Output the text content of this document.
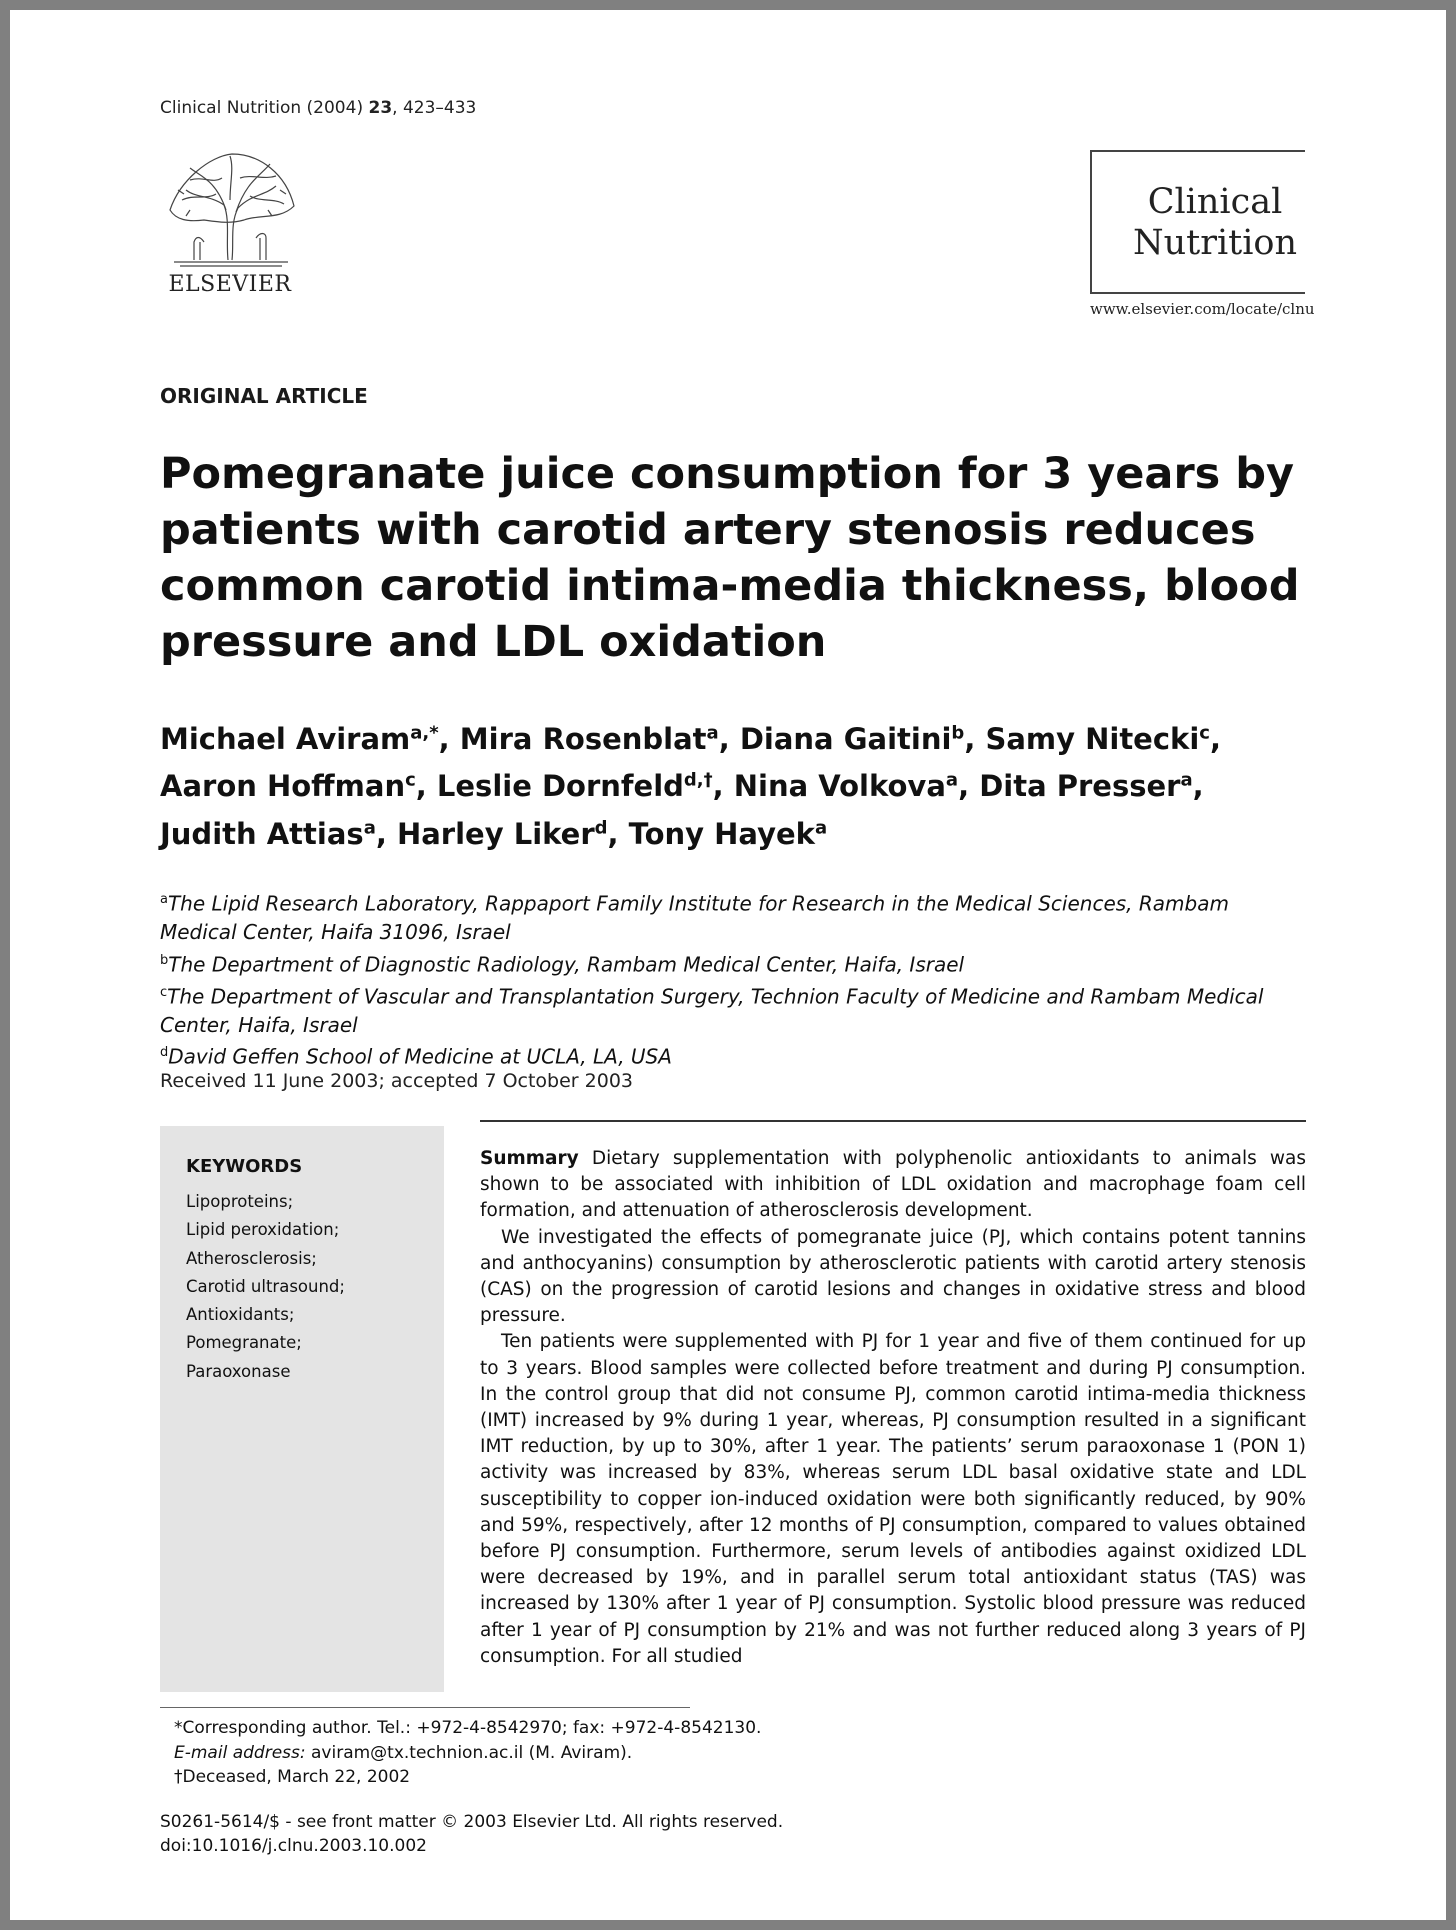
Clinical Nutrition (2004) 23, 423–433
ELSEVIER
Clinical
Nutrition
www.elsevier.com/locate/clnu
ORIGINAL ARTICLE
Pomegranate juice consumption for 3 years by patients with carotid artery stenosis reduces common carotid intima-media thickness, blood pressure and LDL oxidation
Michael Aviram$^{a,*}$, Mira Rosenblat$^a$, Diana Gaitini$^b$, Samy Nitecki$^c$,
Aaron Hoffman$^c$, Leslie Dornfeld$^{d,\dagger}$, Nina Volkova$^a$, Dita Presser$^a$,
Judith Attias$^a$, Harley Liker$^d$, Tony Hayek$^a$

$^a$The Lipid Research Laboratory, Rappaport Family Institute for Research in the Medical Sciences, Rambam Medical Center, Haifa 31096, Israel

$^b$The Department of Diagnostic Radiology, Rambam Medical Center, Haifa, Israel

$^c$The Department of Vascular and Transplantation Surgery, Technion Faculty of Medicine and Rambam Medical Center, Haifa, Israel

$^d$David Geffen School of Medicine at UCLA, LA, USA

Received 11 June 2003; accepted 7 October 2003
KEYWORDS
Lipoproteins;
Lipid peroxidation;
Atherosclerosis;
Carotid ultrasound;
Antioxidants;
Pomegranate;
Paraoxonase

Summary Dietary supplementation with polyphenolic antioxidants to animals was shown to be associated with inhibition of LDL oxidation and macrophage foam cell formation, and attenuation of atherosclerosis development.

We investigated the effects of pomegranate juice (PJ, which contains potent tannins and anthocyanins) consumption by atherosclerotic patients with carotid artery stenosis (CAS) on the progression of carotid lesions and changes in oxidative stress and blood pressure.

Ten patients were supplemented with PJ for 1 year and five of them continued for up to 3 years. Blood samples were collected before treatment and during PJ consumption. In the control group that did not consume PJ, common carotid intima-media thickness (IMT) increased by 9% during 1 year, whereas, PJ consumption resulted in a significant IMT reduction, by up to 30%, after 1 year. The patients’ serum paraoxonase 1 (PON 1) activity was increased by 83%, whereas serum LDL basal oxidative state and LDL susceptibility to copper ion-induced oxidation were both significantly reduced, by 90% and 59%, respectively, after 12 months of PJ consumption, compared to values obtained before PJ consumption. Furthermore, serum levels of antibodies against oxidized LDL were decreased by 19%, and in parallel serum total antioxidant status (TAS) was increased by 130% after 1 year of PJ consumption. Systolic blood pressure was reduced after 1 year of PJ consumption by 21% and was not further reduced along 3 years of PJ consumption. For all studied

*Corresponding author. Tel.: +972-4-8542970; fax: +972-4-8542130.

E-mail address: aviram@tx.technion.ac.il (M. Aviram).

†Deceased, March 22, 2002

S0261-5614/$ - see front matter © 2003 Elsevier Ltd. All rights reserved.
doi:10.1016/j.clnu.2003.10.002
